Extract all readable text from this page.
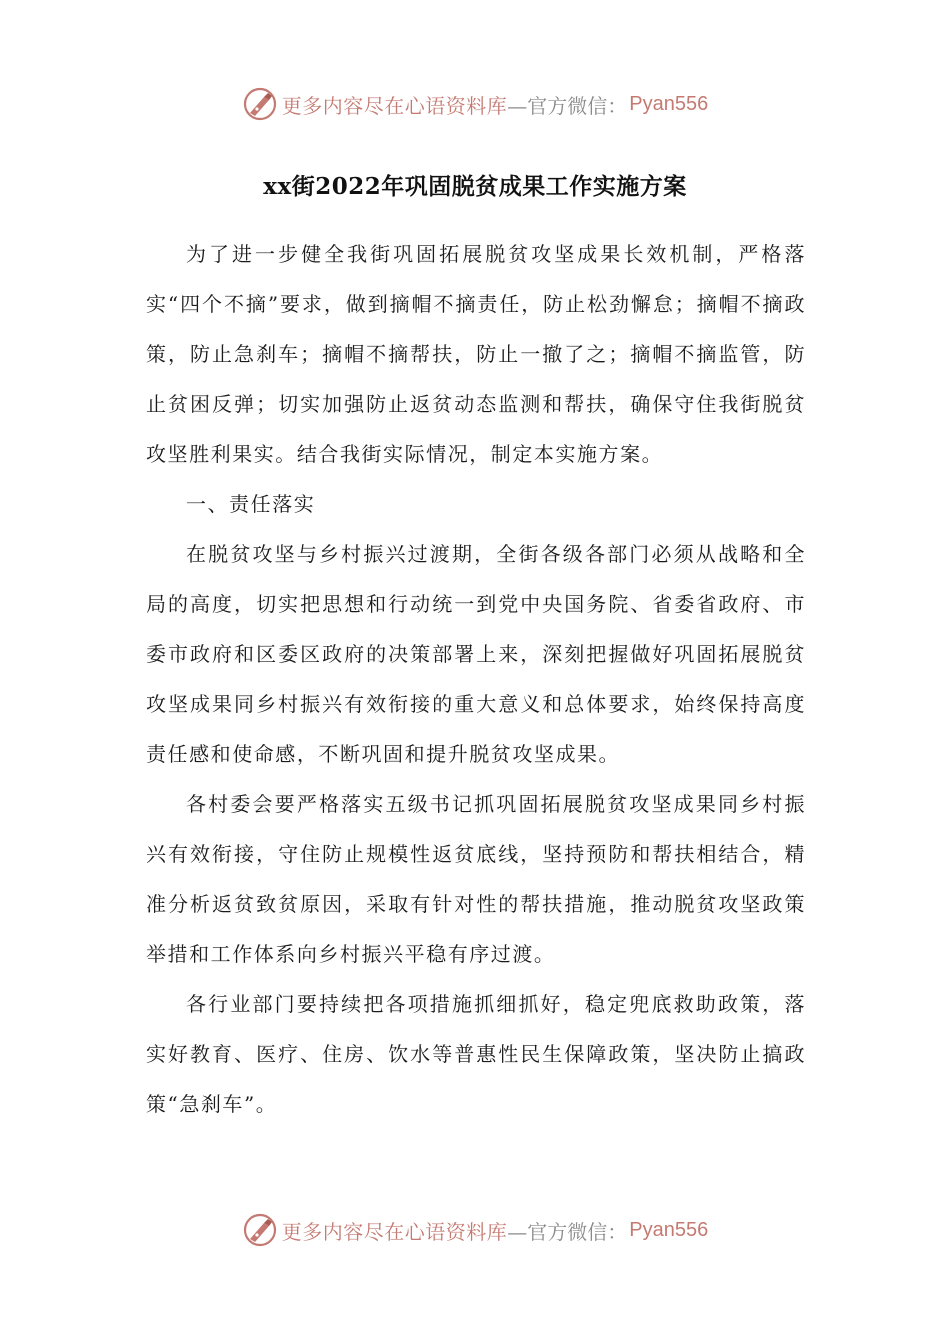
更多内容尽在心语资料库 —官方微信： Pyan556
xx街2022年巩固脱贫成果工作实施方案

为了进一步健全我街巩固拓展脱贫攻坚成果长效机制，严格落实“四个不摘”要求，做到摘帽不摘责任，防止松劲懈怠；摘帽不摘政策，防止急刹车；摘帽不摘帮扶，防止一撤了之；摘帽不摘监管，防止贫困反弹；切实加强防止返贫动态监测和帮扶，确保守住我街脱贫攻坚胜利果实。结合我街实际情况，制定本实施方案。

一、责任落实

在脱贫攻坚与乡村振兴过渡期，全街各级各部门必须从战略和全局的高度，切实把思想和行动统一到党中央国务院、省委省政府、市委市政府和区委区政府的决策部署上来，深刻把握做好巩固拓展脱贫攻坚成果同乡村振兴有效衔接的重大意义和总体要求，始终保持高度责任感和使命感，不断巩固和提升脱贫攻坚成果。

各村委会要严格落实五级书记抓巩固拓展脱贫攻坚成果同乡村振兴有效衔接，守住防止规模性返贫底线，坚持预防和帮扶相结合，精准分析返贫致贫原因，采取有针对性的帮扶措施，推动脱贫攻坚政策举措和工作体系向乡村振兴平稳有序过渡。

各行业部门要持续把各项措施抓细抓好，稳定兜底救助政策，落实好教育、医疗、住房、饮水等普惠性民生保障政策，坚决防止搞政策“急刹车”。

更多内容尽在心语资料库 —官方微信： Pyan556
